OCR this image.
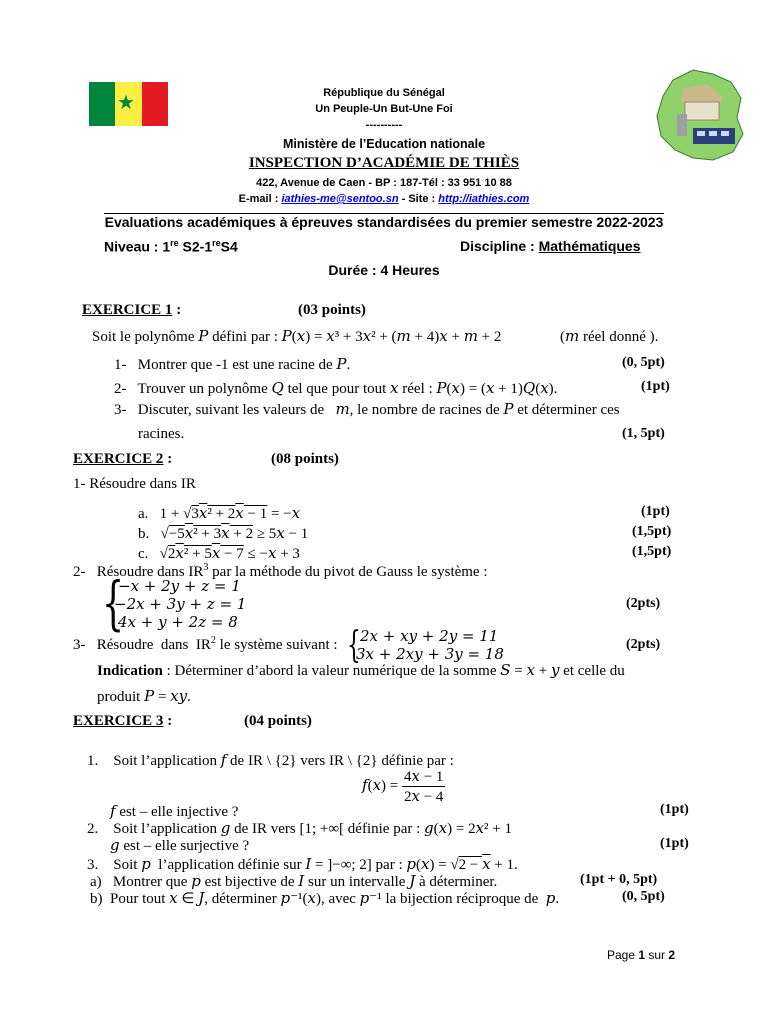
★	République du Sénégal
Un Peuple-Un But-Une Foi
----------
Ministère de l’Education nationale
INSPECTION D’ACADÉMIE DE THIÈS
422, Avenue de Caen - BP : 187-Tél : 33 951 10 88
E-mail : iathies-me@sentoo.sn - Site : http://iathies.com
Evaluations académiques à épreuves standardisées du premier semestre 2022-2023
Niveau : 1re S2-1reS4	Discipline : Mathématiques
Durée : 4 Heures
EXERCICE 1 :	(03 points)
Soit le polynôme P défini par : P(x) = x³ + 3x² + (m + 4)x + m + 2	(m réel donné ).
1-   Montrer que -1 est une racine de P.	(0, 5pt)
2-   Trouver un polynôme Q tel que pour tout x réel : P(x) = (x + 1)Q(x).	(1pt)
3-   Discuter, suivant les valeurs de   m, le nombre de racines de P et déterminer ces
racines.	(1, 5pt)
EXERCICE 2 :	(08 points)
1- Résoudre dans IR
a.   1 + √3x² + 2x − 1 = −x	(1pt)
b.   √−5x² + 3x + 2 ≥ 5x − 1	(1,5pt)
c.   √2x² + 5x − 7 ≤ −x + 3	(1,5pt)
2-   Résoudre dans $IR^3$ par la méthode du pivot de Gauss le système :
{
−x + 2y + z = 1
−2x + 3y + z = 1
4x + y + 2z = 8
(2pts)
3-   Résoudre  dans  $IR^2$ le système suivant : { 2x + xy + 2y = 11
3x + 2xy + 3y = 18
(2pts)
Indication : Déterminer d’abord la valeur numérique de la somme S = x + y et celle du
produit P = xy.
EXERCICE 3 :	(04 points)
1.    Soit l’application f de IR \ {2} vers IR \ {2} définie par :
$f(x) = \frac{4x - 1}{2x - 4}$
f est – elle injective ?	(1pt)
2.    Soit l’application g de IR vers [1; +∞[ définie par : g(x) = 2x² + 1
g est – elle surjective ?	(1pt)
3.    Soit p  l’application définie sur I = ]−∞; 2] par : p(x) = √2 − x + 1.
a)   Montrer que p est bijective de I sur un intervalle J à déterminer.	(1pt + 0, 5pt)
b)  Pour tout x ∈ J, déterminer p⁻¹(x), avec p⁻¹ la bijection réciproque de  p.	(0, 5pt)
Page 1 sur 2
